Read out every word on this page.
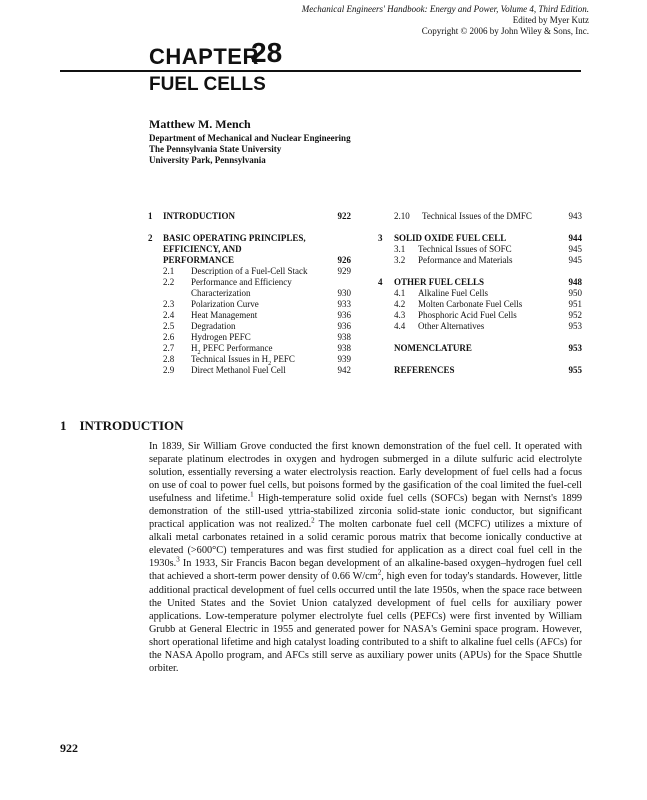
Mechanical Engineers' Handbook: Energy and Power, Volume 4, Third Edition.
Edited by Myer Kutz
Copyright © 2006 by John Wiley & Sons, Inc.
CHAPTER
28
FUEL CELLS
Matthew M. Mench
Department of Mechanical and Nuclear Engineering
The Pennsylvania State University
University Park, Pennsylvania
1 INTRODUCTION	922
2 BASIC OPERATING PRINCIPLES,
EFFICIENCY, AND
PERFORMANCE	926
2.1 Description of a Fuel-Cell Stack	929
2.2 Performance and Efficiency
Characterization	930
2.3 Polarization Curve	933
2.4 Heat Management	936
2.5 Degradation	936
2.6 Hydrogen PEFC	938
2.7 $H_2$ PEFC Performance	938
2.8 Technical Issues in $H_2$ PEFC	939
2.9 Direct Methanol Fuel Cell	942
2.10 Technical Issues of the DMFC	943
3 SOLID OXIDE FUEL CELL	944
3.1 Technical Issues of SOFC	945
3.2 Peformance and Materials	945
4 OTHER FUEL CELLS	948
4.1 Alkaline Fuel Cells	950
4.2 Molten Carbonate Fuel Cells	951
4.3 Phosphoric Acid Fuel Cells	952
4.4 Other Alternatives	953
NOMENCLATURE	953
REFERENCES	955
1 INTRODUCTION
In 1839, Sir William Grove conducted the first known demonstration of the fuel cell. It operated with separate platinum electrodes in oxygen and hydrogen submerged in a dilute sulfuric acid electrolyte solution, essentially reversing a water electrolysis reaction. Early development of fuel cells had a focus on use of coal to power fuel cells, but poisons formed by the gasification of the coal limited the fuel-cell usefulness and lifetime.$^1$ High-temperature solid oxide fuel cells (SOFCs) began with Nernst's 1899 demonstration of the still-used yttria-stabilized zirconia solid-state ionic conductor, but significant practical application was not realized.$^2$ The molten carbonate fuel cell (MCFC) utilizes a mixture of alkali metal carbonates retained in a solid ceramic porous matrix that become ionically conductive at elevated (>600°C) temperatures and was first studied for application as a direct coal fuel cell in the 1930s.$^3$ In 1933, Sir Francis Bacon began development of an alkaline-based oxygen–hydrogen fuel cell that achieved a short-term power density of 0.66 $W/cm^2$, high even for today's standards. However, little additional practical development of fuel cells occurred until the late 1950s, when the space race between the United States and the Soviet Union catalyzed development of fuel cells for auxiliary power applications. Low-temperature polymer electrolyte fuel cells (PEFCs) were first invented by William Grubb at General Electric in 1955 and generated power for NASA's Gemini space program. However, short operational lifetime and high catalyst loading contributed to a shift to alkaline fuel cells (AFCs) for the NASA Apollo program, and AFCs still serve as auxiliary power units (APUs) for the Space Shuttle orbiter.
922
